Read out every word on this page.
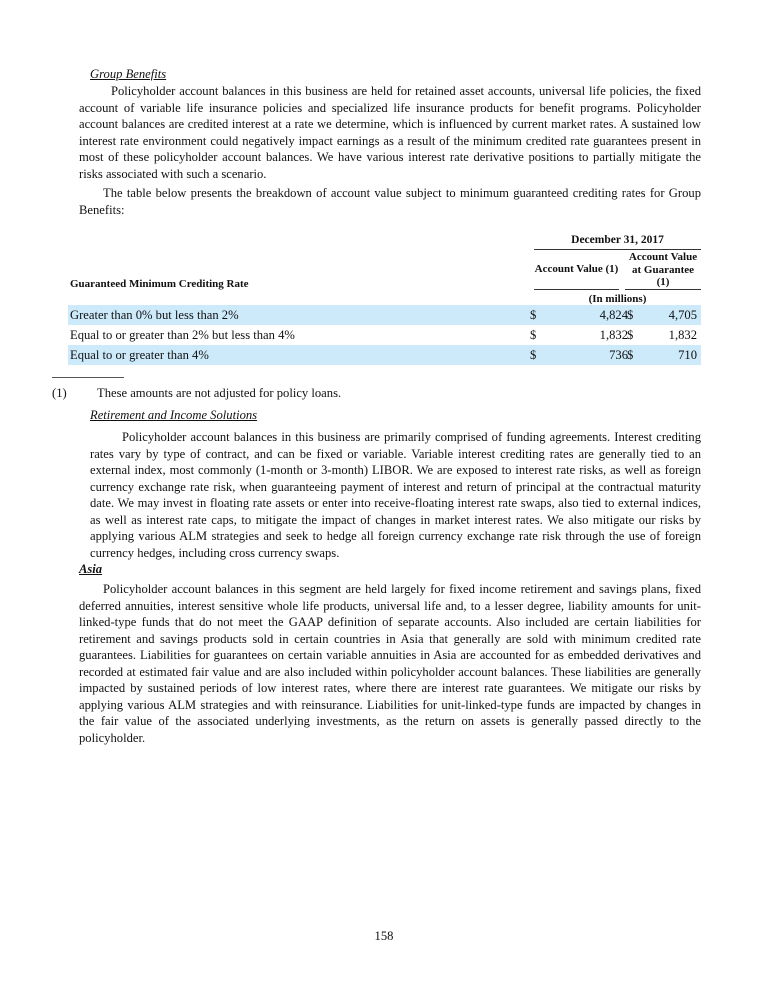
Group Benefits

Policyholder account balances in this business are held for retained asset accounts, universal life policies, the fixed account of variable life insurance policies and specialized life insurance products for benefit programs. Policyholder account balances are credited interest at a rate we determine, which is influenced by current market rates. A sustained low interest rate environment could negatively impact earnings as a result of the minimum credited rate guarantees present in most of these policyholder account balances. We have various interest rate derivative positions to partially mitigate the risks associated with such a scenario.

The table below presents the breakdown of account value subject to minimum guaranteed crediting rates for Group Benefits:

December 31, 2017
Account Value (1)
Account Value at Guarantee (1)
Guaranteed Minimum Crediting Rate
(In millions)
Greater than 0% but less than 2%	$	4,824 $	4,705
Equal to or greater than 2% but less than 4%	$	1,832 $	1,832
Equal to or greater than 4%	$	736 $	710
(1) These amounts are not adjusted for policy loans.
Retirement and Income Solutions

Policyholder account balances in this business are primarily comprised of funding agreements. Interest crediting rates vary by type of contract, and can be fixed or variable. Variable interest crediting rates are generally tied to an external index, most commonly (1-month or 3-month) LIBOR. We are exposed to interest rate risks, as well as foreign currency exchange rate risk, when guaranteeing payment of interest and return of principal at the contractual maturity date. We may invest in floating rate assets or enter into receive-floating interest rate swaps, also tied to external indices, as well as interest rate caps, to mitigate the impact of changes in market interest rates. We also mitigate our risks by applying various ALM strategies and seek to hedge all foreign currency exchange rate risk through the use of foreign currency hedges, including cross currency swaps.

Asia

Policyholder account balances in this segment are held largely for fixed income retirement and savings plans, fixed deferred annuities, interest sensitive whole life products, universal life and, to a lesser degree, liability amounts for unit-linked-type funds that do not meet the GAAP definition of separate accounts. Also included are certain liabilities for retirement and savings products sold in certain countries in Asia that generally are sold with minimum credited rate guarantees. Liabilities for guarantees on certain variable annuities in Asia are accounted for as embedded derivatives and recorded at estimated fair value and are also included within policyholder account balances. These liabilities are generally impacted by sustained periods of low interest rates, where there are interest rate guarantees. We mitigate our risks by applying various ALM strategies and with reinsurance. Liabilities for unit-linked-type funds are impacted by changes in the fair value of the associated underlying investments, as the return on assets is generally passed directly to the policyholder.

158
